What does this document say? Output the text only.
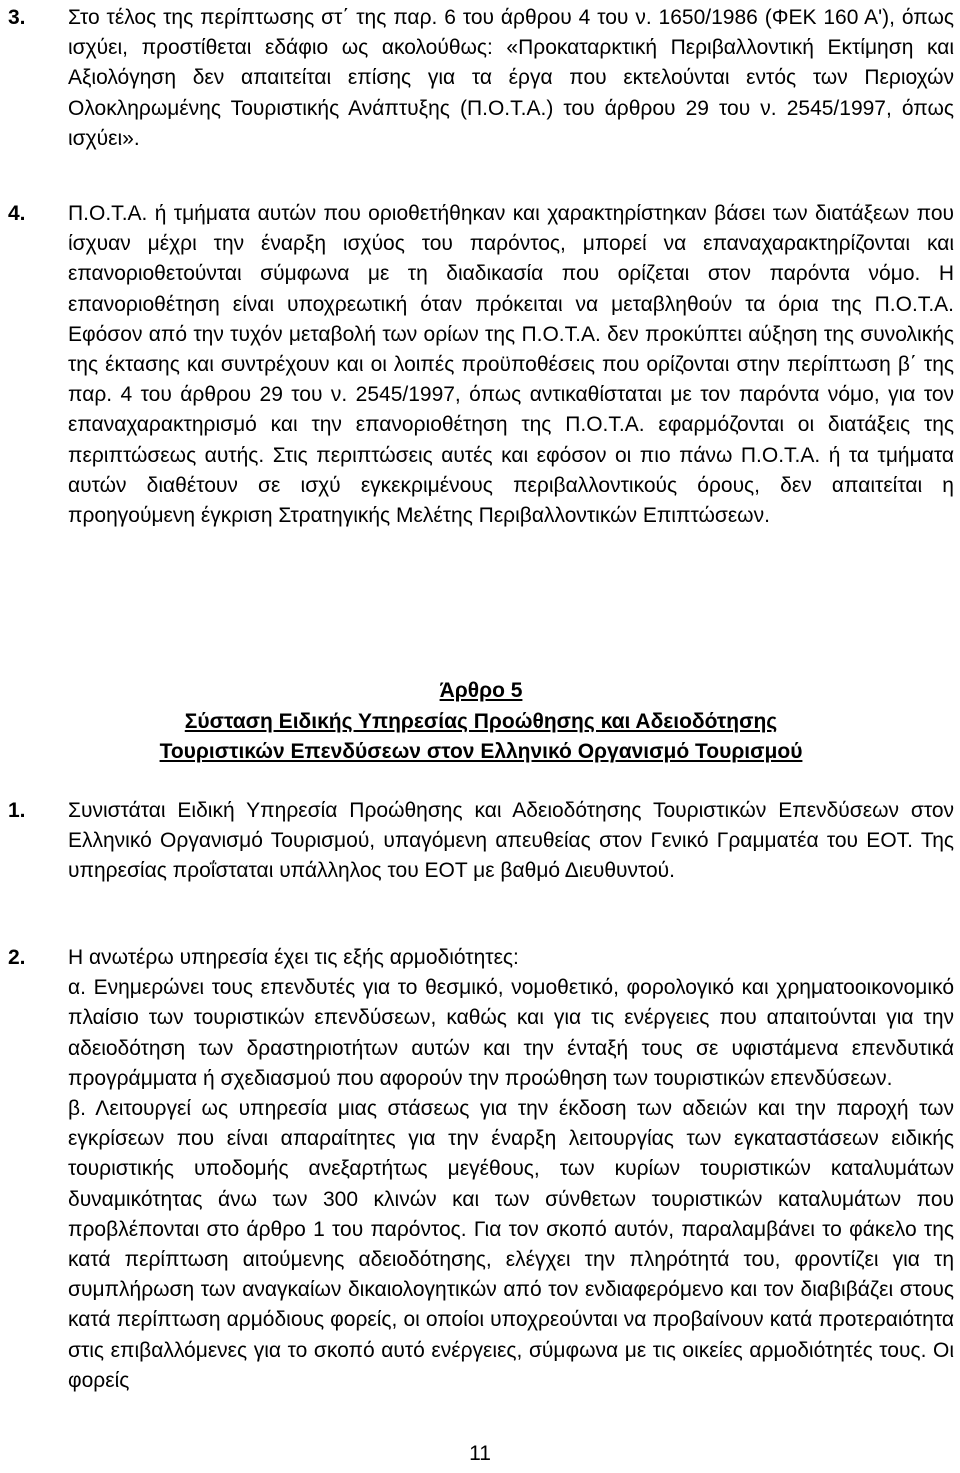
3. Στο τέλος της περίπτωσης στ΄ της παρ. 6 του άρθρου 4 του ν. 1650/1986 (ΦΕΚ 160 Α'), όπως ισχύει, προστίθεται εδάφιο ως ακολούθως: «Προκαταρκτική Περιβαλλοντική Εκτίμηση και Αξιολόγηση δεν απαιτείται επίσης για τα έργα που εκτελούνται εντός των Περιοχών Ολοκληρωμένης Τουριστικής Ανάπτυξης (Π.Ο.Τ.Α.) του άρθρου 29 του ν. 2545/1997, όπως ισχύει».
4. Π.Ο.Τ.Α. ή τμήματα αυτών που οριοθετήθηκαν και χαρακτηρίστηκαν βάσει των διατάξεων που ίσχυαν μέχρι την έναρξη ισχύος του παρόντος, μπορεί να επαναχαρακτηρίζονται και επανοριοθετούνται σύμφωνα με τη διαδικασία που ορίζεται στον παρόντα νόμο. Η επανοριοθέτηση είναι υποχρεωτική όταν πρόκειται να μεταβληθούν τα όρια της Π.Ο.Τ.Α. Εφόσον από την τυχόν μεταβολή των ορίων της Π.Ο.Τ.Α. δεν προκύπτει αύξηση της συνολικής της έκτασης και συντρέχουν και οι λοιπές προϋποθέσεις που ορίζονται στην περίπτωση β΄ της παρ. 4 του άρθρου 29 του ν. 2545/1997, όπως αντικαθίσταται με τον παρόντα νόμο, για τον επαναχαρακτηρισμό και την επανοριοθέτηση της Π.Ο.Τ.Α. εφαρμόζονται οι διατάξεις της περιπτώσεως αυτής. Στις περιπτώσεις αυτές και εφόσον οι πιο πάνω Π.Ο.Τ.Α. ή τα τμήματα αυτών διαθέτουν σε ισχύ εγκεκριμένους περιβαλλοντικούς όρους, δεν απαιτείται η προηγούμενη έγκριση Στρατηγικής Μελέτης Περιβαλλοντικών Επιπτώσεων.
Άρθρο 5
Σύσταση Ειδικής Υπηρεσίας Προώθησης και Αδειοδότησης
Τουριστικών Επενδύσεων στον Ελληνικό Οργανισμό Τουρισμού
1. Συνιστάται Ειδική Υπηρεσία Προώθησης και Αδειοδότησης Τουριστικών Επενδύσεων στον Ελληνικό Οργανισμό Τουρισμού, υπαγόμενη απευθείας στον Γενικό Γραμματέα του ΕΟΤ. Της υπηρεσίας προΐσταται υπάλληλος του ΕΟΤ με βαθμό Διευθυντού.
2. Η ανωτέρω υπηρεσία έχει τις εξής αρμοδιότητες:
α. Ενημερώνει τους επενδυτές για το θεσμικό, νομοθετικό, φορολογικό και χρηματοοικονομικό πλαίσιο των τουριστικών επενδύσεων, καθώς και για τις ενέργειες που απαιτούνται για την αδειοδότηση των δραστηριοτήτων αυτών και την ένταξή τους σε υφιστάμενα επενδυτικά προγράμματα ή σχεδιασμού που αφορούν την προώθηση των τουριστικών επενδύσεων.
β. Λειτουργεί ως υπηρεσία μιας στάσεως για την έκδοση των αδειών και την παροχή των εγκρίσεων που είναι απαραίτητες για την έναρξη λειτουργίας των εγκαταστάσεων ειδικής τουριστικής υποδομής ανεξαρτήτως μεγέθους, των κυρίων τουριστικών καταλυμάτων δυναμικότητας άνω των 300 κλινών και των σύνθετων τουριστικών καταλυμάτων που προβλέπονται στο άρθρο 1 του παρόντος. Για τον σκοπό αυτόν, παραλαμβάνει το φάκελο της κατά περίπτωση αιτούμενης αδειοδότησης, ελέγχει την πληρότητά του, φροντίζει για τη συμπλήρωση των αναγκαίων δικαιολογητικών από τον ενδιαφερόμενο και τον διαβιβάζει στους κατά περίπτωση αρμόδιους φορείς, οι οποίοι υποχρεούνται να προβαίνουν κατά προτεραιότητα στις επιβαλλόμενες για το σκοπό αυτό ενέργειες, σύμφωνα με τις οικείες αρμοδιότητές τους. Οι φορείς
11
